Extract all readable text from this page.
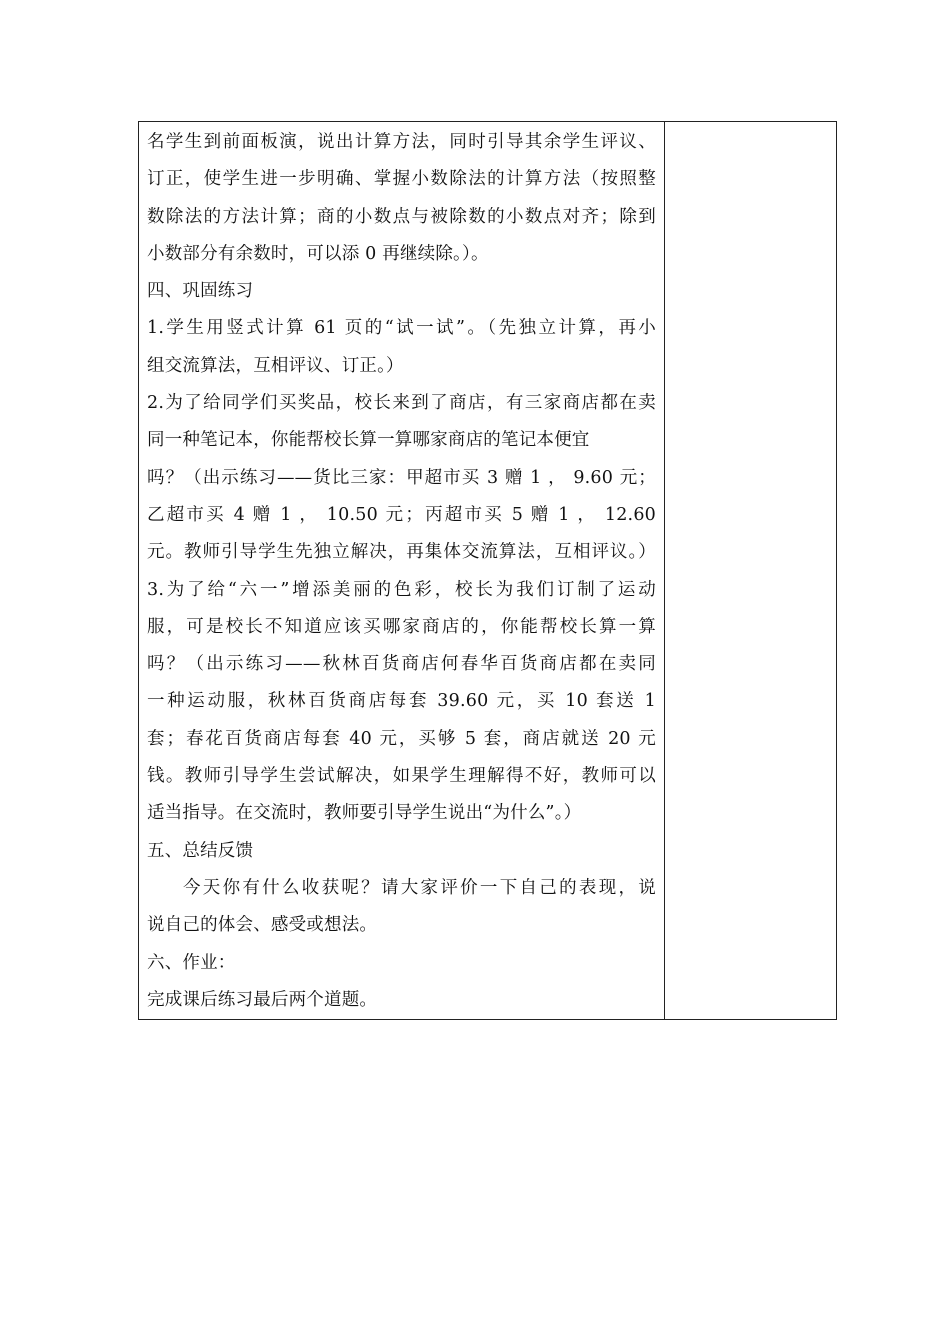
名学生到前面板演，说出计算方法，同时引导其余学生评议、
订正，使学生进一步明确、掌握小数除法的计算方法（按照整
数除法的方法计算；商的小数点与被除数的小数点对齐；除到
小数部分有余数时，可以添 0 再继续除。）。
四、巩固练习
1.学生用竖式计算 61 页的“试一试”。（先独立计算，再小
组交流算法，互相评议、订正。）
2.为了给同学们买奖品，校长来到了商店，有三家商店都在卖
同一种笔记本，你能帮校长算一算哪家商店的笔记本便宜
吗？（出示练习——货比三家：甲超市买 3 赠 1 ， 9.60 元；
乙超市买 4 赠 1 ， 10.50 元；丙超市买 5 赠 1 ， 12.60
元。教师引导学生先独立解决，再集体交流算法，互相评议。）
3.为了给“六一”增添美丽的色彩，校长为我们订制了运动
服，可是校长不知道应该买哪家商店的，你能帮校长算一算
吗？（出示练习——秋林百货商店何春华百货商店都在卖同
一种运动服，秋林百货商店每套 39.60 元，买 10 套送 1
套；春花百货商店每套 40 元，买够 5 套，商店就送 20 元
钱。教师引导学生尝试解决，如果学生理解得不好，教师可以
适当指导。在交流时，教师要引导学生说出“为什么”。）
五、总结反馈
今天你有什么收获呢？请大家评价一下自己的表现，说
说自己的体会、感受或想法。
六、作业：
完成课后练习最后两个道题。
